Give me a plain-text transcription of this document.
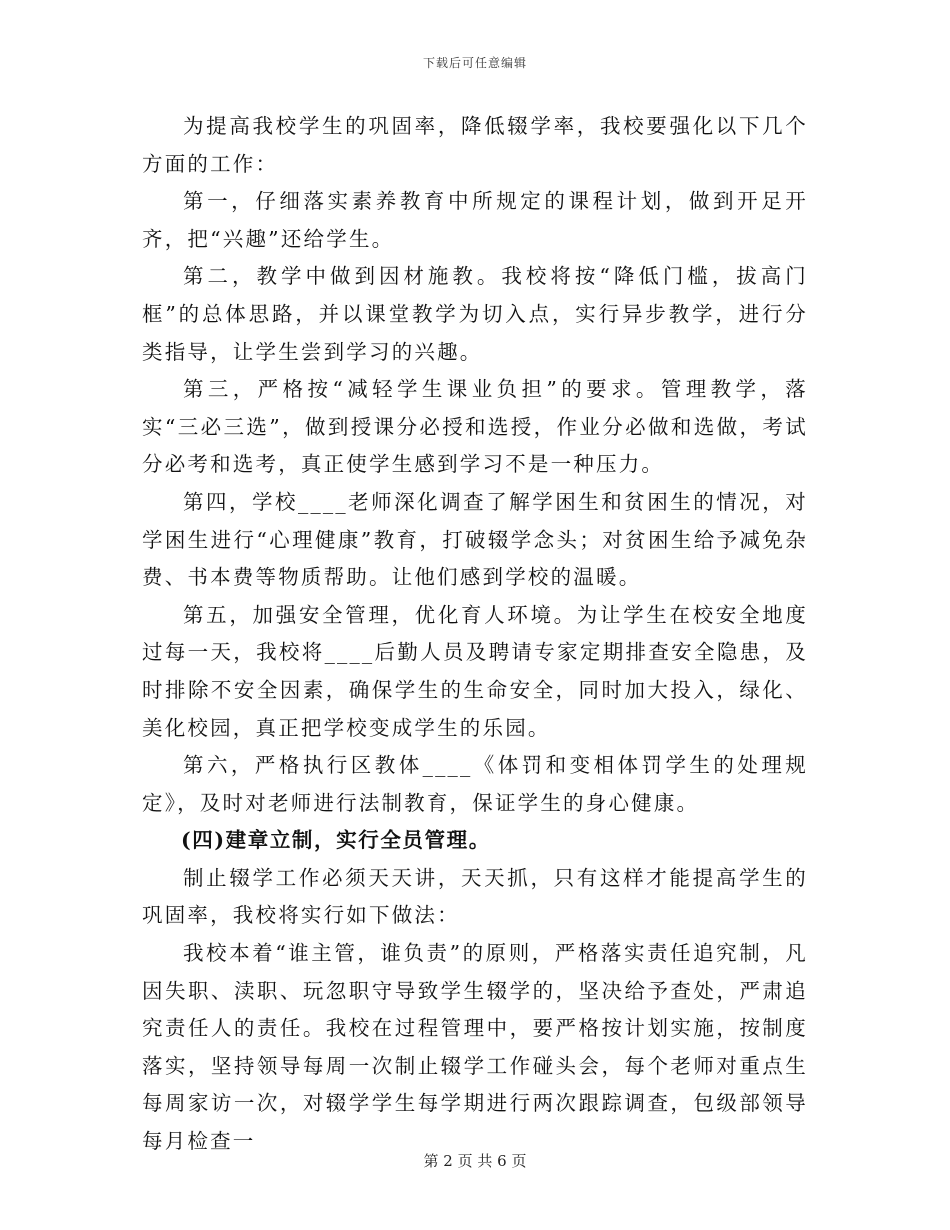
下载后可任意编辑

为提高我校学生的巩固率，降低辍学率，我校要强化以下几个方面的工作：

第一，仔细落实素养教育中所规定的课程计划，做到开足开齐，把“兴趣”还给学生。

第二，教学中做到因材施教。我校将按“降低门槛，拔高门框”的总体思路，并以课堂教学为切入点，实行异步教学，进行分类指导，让学生尝到学习的兴趣。

第三，严格按“减轻学生课业负担”的要求。管理教学，落实“三必三选”，做到授课分必授和选授，作业分必做和选做，考试分必考和选考，真正使学生感到学习不是一种压力。

第四，学校____老师深化调查了解学困生和贫困生的情况，对学困生进行“心理健康”教育，打破辍学念头；对贫困生给予减免杂费、书本费等物质帮助。让他们感到学校的温暖。

第五，加强安全管理，优化育人环境。为让学生在校安全地度过每一天，我校将____后勤人员及聘请专家定期排查安全隐患，及时排除不安全因素，确保学生的生命安全，同时加大投入，绿化、美化校园，真正把学校变成学生的乐园。

第六，严格执行区教体____《体罚和变相体罚学生的处理规定》，及时对老师进行法制教育，保证学生的身心健康。

(四)建章立制，实行全员管理。

制止辍学工作必须天天讲，天天抓，只有这样才能提高学生的巩固率，我校将实行如下做法：

我校本着“谁主管，谁负责”的原则，严格落实责任追究制，凡因失职、渎职、玩忽职守导致学生辍学的，坚决给予查处，严肃追究责任人的责任。我校在过程管理中，要严格按计划实施，按制度落实，坚持领导每周一次制止辍学工作碰头会，每个老师对重点生每周家访一次，对辍学学生每学期进行两次跟踪调查，包级部领导每月检查一

第 2 页 共 6 页
